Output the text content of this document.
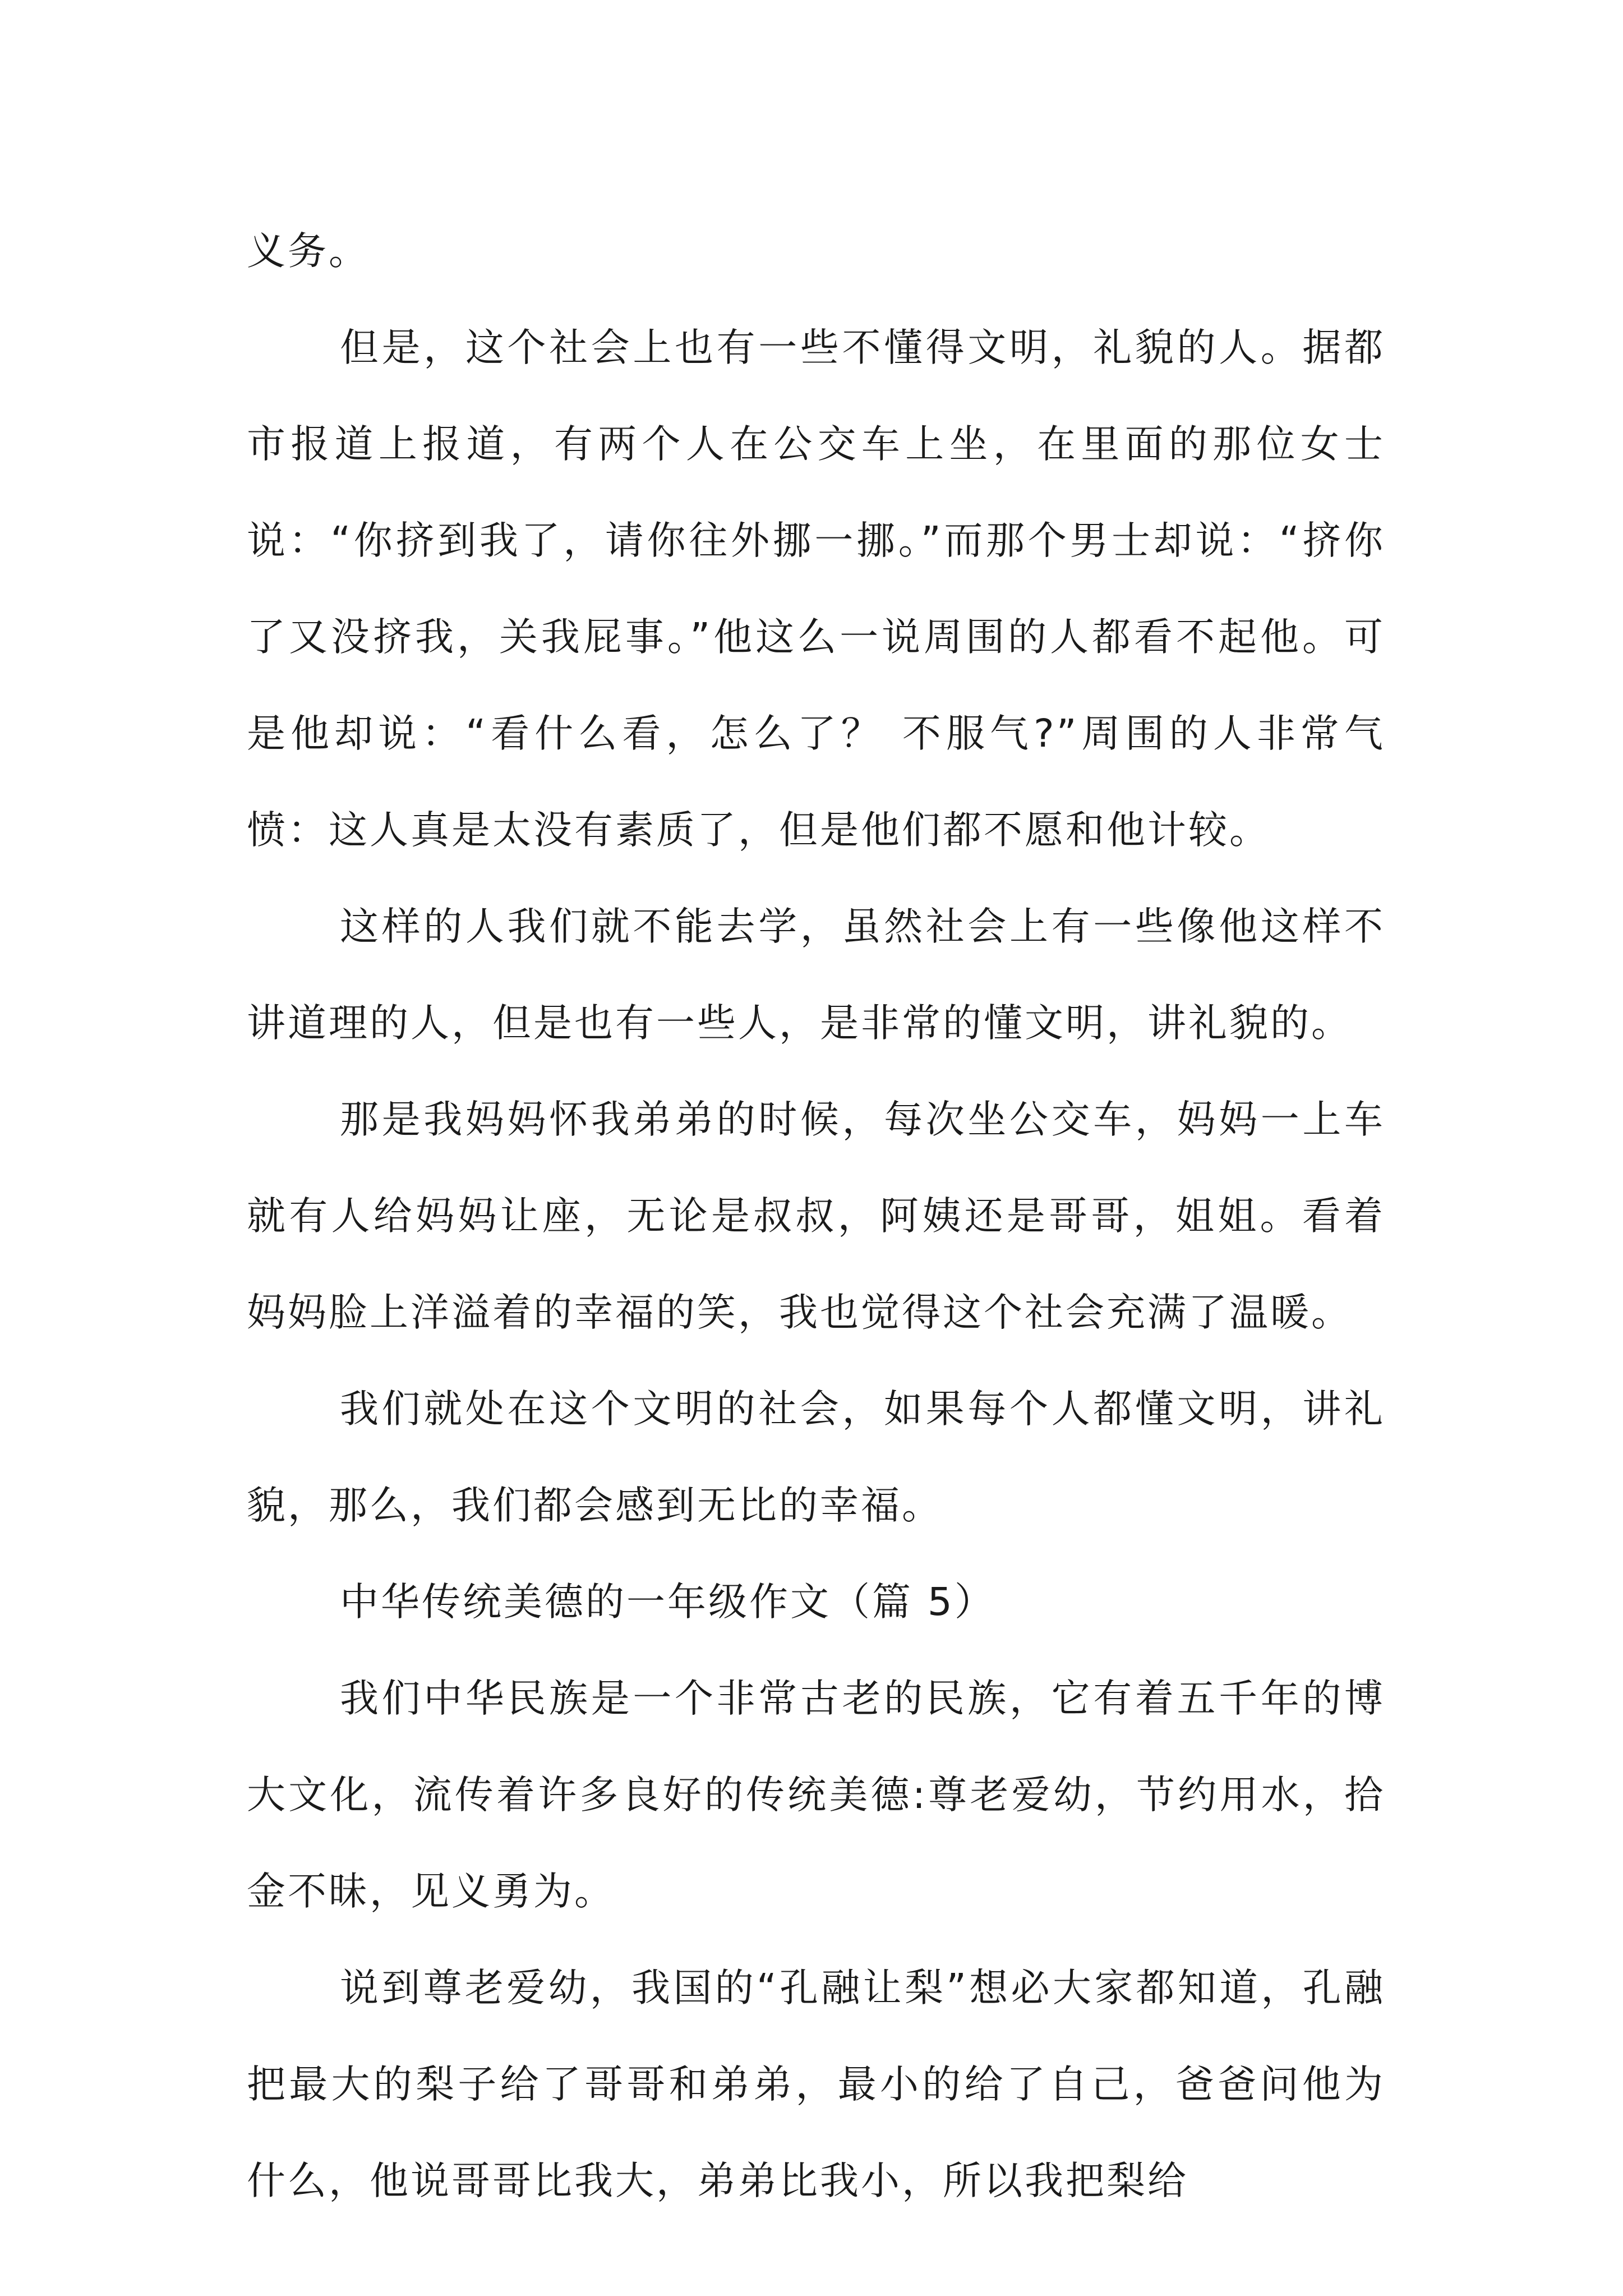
义务。

但是，这个社会上也有一些不懂得文明，礼貌的人。据都市报道上报道，有两个人在公交车上坐，在里面的那位女士说：“你挤到我了，请你往外挪一挪。”而那个男士却说：“挤你了又没挤我，关我屁事。”他这么一说周围的人都看不起他。可是他却说：“看什么看，怎么了？ 不服气?”周围的人非常气愤：这人真是太没有素质了，但是他们都不愿和他计较。

这样的人我们就不能去学，虽然社会上有一些像他这样不讲道理的人，但是也有一些人，是非常的懂文明，讲礼貌的。

那是我妈妈怀我弟弟的时候，每次坐公交车，妈妈一上车就有人给妈妈让座，无论是叔叔，阿姨还是哥哥，姐姐。看着妈妈脸上洋溢着的幸福的笑，我也觉得这个社会充满了温暖。

我们就处在这个文明的社会，如果每个人都懂文明，讲礼貌，那么，我们都会感到无比的幸福。

中华传统美德的一年级作文（篇 5）

我们中华民族是一个非常古老的民族，它有着五千年的博大文化，流传着许多良好的传统美德:尊老爱幼，节约用水，拾金不昧，见义勇为。

说到尊老爱幼，我国的“孔融让梨”想必大家都知道，孔融把最大的梨子给了哥哥和弟弟，最小的给了自己，爸爸问他为什么，他说哥哥比我大，弟弟比我小，所以我把梨给
